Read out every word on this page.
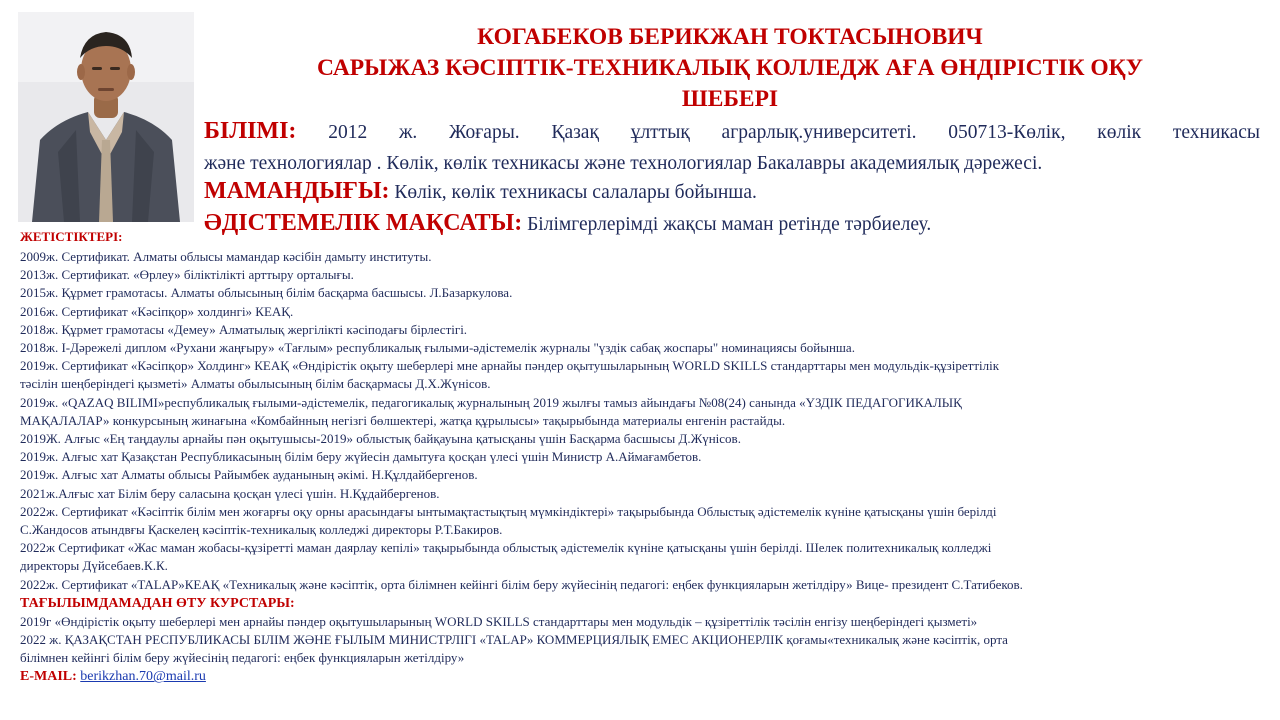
КОГАБЕКОВ БЕРИКЖАН ТОКТАСЫНОВИЧ
САРЫЖАЗ КӘСІПТІК-ТЕХНИКАЛЫҚ КОЛЛЕДЖ АҒА ӨНДІРІСТІК ОҚУ
ШЕБЕРІ
БІЛІМІ: 2012 ж. Жоғары. Қазақ ұлттық аграрлық.университеті. 050713-Көлік, көлік техникасы
және технологиялар . Көлік, көлік техникасы және технологиялар Бакалавры академиялық дәрежесі.
МАМАНДЫҒЫ: Көлік, көлік техникасы салалары бойынша.
ӘДІСТЕМЕЛІК МАҚСАТЫ: Білімгерлерімді жақсы маман ретінде тәрбиелеу.
ЖЕТІСТІКТЕРІ:
2009ж. Сертификат. Алматы облысы мамандар кәсібін дамыту институты.
2013ж. Сертификат. «Өрлеу» біліктілікті арттыру орталығы.
2015ж. Құрмет грамотасы. Алматы облысының білім басқарма басшысы. Л.Базаркулова.
2016ж. Сертификат «Кәсіпқор» холдингі» КЕАҚ.
2018ж. Құрмет грамотасы «Демеу» Алматылық жергілікті кәсіподағы бірлестігі.
2018ж. І-Дәрежелі диплом «Рухани жаңғыру» «Тағлым» республикалық ғылыми-әдістемелік журналы "үздік сабақ жоспары" номинациясы бойынша.
2019ж. Сертификат «Кәсіпқор» Холдинг» КЕАҚ «Өндірістік оқыту шеберлері мне арнайы пәндер оқытушыларының WORLD SKILLS стандарттары мен модульдік-құзіреттілік
тәсілін шеңберіндегі қызметі» Алматы обылысының білім басқармасы Д.Х.Жүнісов.
2019ж. «QAZAQ BILIMI»республикалық ғылыми-әдістемелік, педагогикалық журналының 2019 жылғы тамыз айындағы №08(24) санында «ҮЗДІК ПЕДАГОГИКАЛЫҚ
МАҚАЛАЛАР» конкурсының жинағына «Комбайнның негізгі бөлшектері, жатқа құрылысы» тақырыбында материалы енгенін растайды.
2019Ж. Алғыс «Ең таңдаулы арнайы пән оқытушысы-2019» облыстық байқауына қатысқаны үшін Басқарма басшысы Д.Жүнісов.
2019ж. Алғыс хат Қазақстан Республикасының білім беру жүйесін дамытуға қосқан үлесі үшін Министр А.Аймағамбетов.
2019ж. Алғыс хат Алматы облысы Райымбек ауданының әкімі. Н.Құлдайбергенов.
2021ж.Алғыс хат Білім беру саласына қосқан үлесі үшін. Н.Құдайбергенов.
2022ж. Сертификат «Кәсіптік білім мен жоғарғы оқу орны арасындағы ынтымақтастықтың мүмкіндіктері» тақырыбында Облыстық әдістемелік күніне қатысқаны үшін берілді
С.Жандосов атындвғы Қаскелең кәсіптік-техникалық колледжі директоры Р.Т.Бакиров.
2022ж Сертификат «Жас маман жобасы-құзіретті маман даярлау кепілі» тақырыбында облыстық әдістемелік күніне қатысқаны үшін берілді. Шелек политехникалық колледжі
директоры Дүйсебаев.К.К.
2022ж. Сертификат «TALAP»КЕАҚ «Техникалық және кәсіптік, орта білімнен кейінгі білім беру жүйесінің педагогі: еңбек функцияларын жетілдіру» Вице- президент С.Татибеков.
ТАҒЫЛЫМДАМАДАН ӨТУ КУРСТАРЫ:
2019г «Өндірістік оқыту шеберлері мен арнайы пәндер оқытушыларының WORLD SKILLS стандарттары мен модульдік – құзіреттілік тәсілін енгізу шеңберіндегі қызметі»
2022 ж. ҚАЗАҚСТАН РЕСПУБЛИКАСЫ БІЛІМ ЖӘНЕ ҒЫЛЫМ МИНИСТРЛІГІ «TALAP» КОММЕРЦИЯЛЫҚ ЕМЕС АКЦИОНЕРЛІК қоғамы«техникалық және кәсіптік, орта
білімнен кейінгі білім беру жүйесінің педагогі: еңбек функцияларын жетілдіру»
E-MAIL: berikzhan.70@mail.ru
